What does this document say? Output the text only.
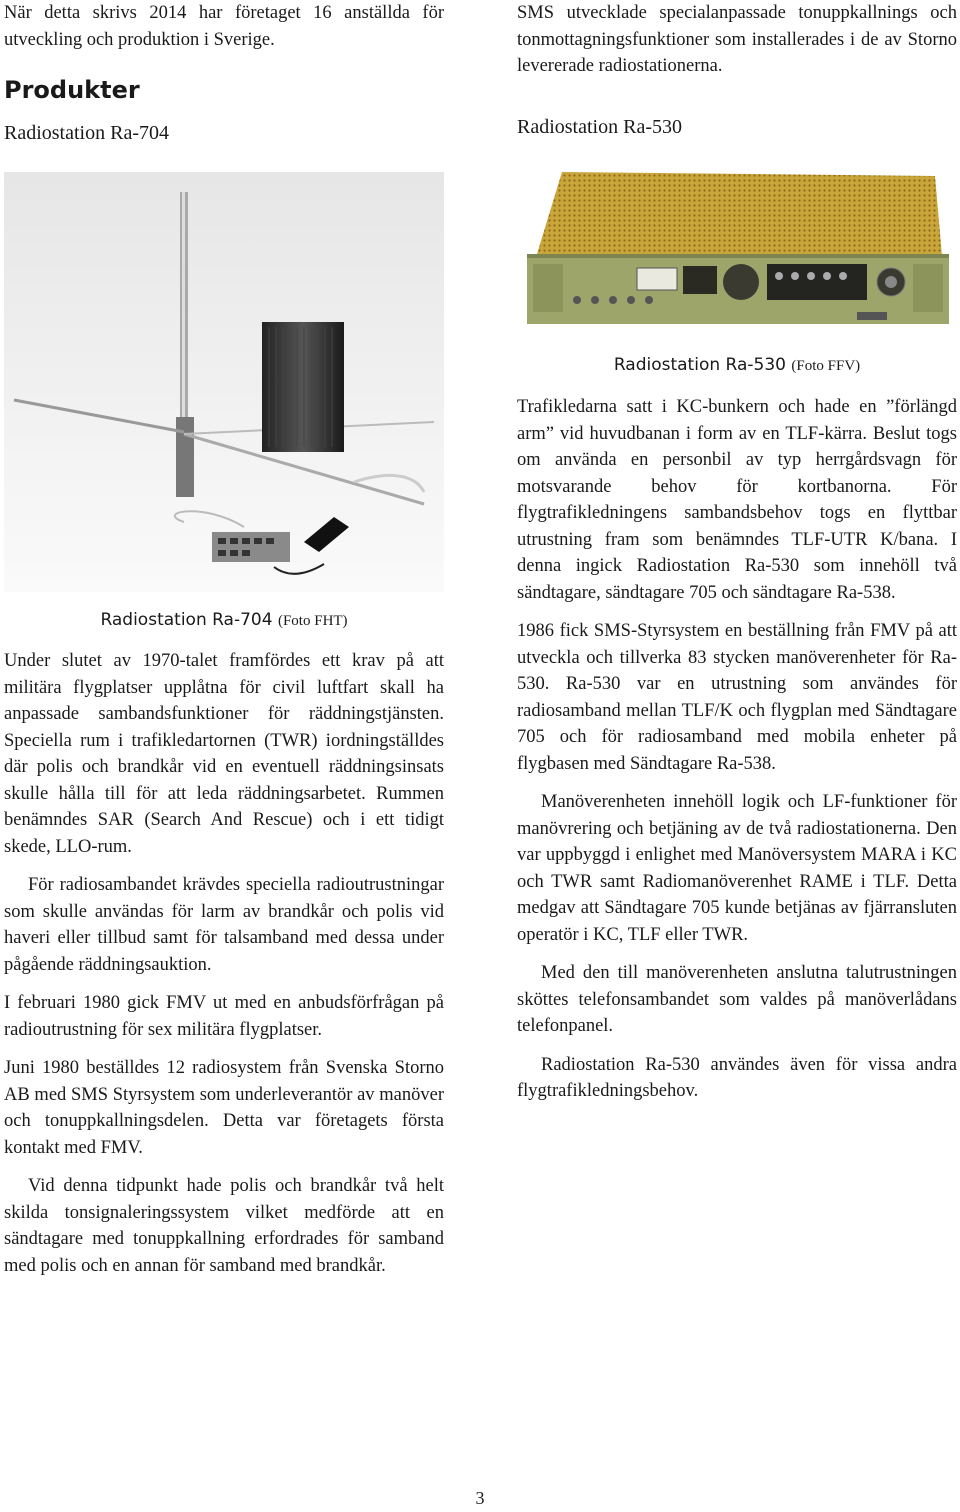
När detta skrivs 2014 har företaget 16 anställda för utveckling och produktion i Sverige.

Produkter
Radiostation Ra-704
Radiostation Ra-704 (Foto FHT)

Under slutet av 1970-talet framfördes ett krav på att militära flygplatser upplåtna för civil luftfart skall ha anpassade sambandsfunktioner för räddningstjänsten. Speciella rum i trafikledartornen (TWR) iordningställdes där polis och brandkår vid en eventuell räddningsinsats skulle hålla till för att leda räddningsarbetet. Rummen benämndes SAR (Search And Rescue) och i ett tidigt skede, LLO-rum.

För radiosambandet krävdes speciella radioutrustningar som skulle användas för larm av brandkår och polis vid haveri eller tillbud samt för talsamband med dessa under pågående räddningsauktion.

I februari 1980 gick FMV ut med en anbudsförfrågan på radioutrustning för sex militära flygplatser.

Juni 1980 beställdes 12 radiosystem från Svenska Storno AB med SMS Styrsystem som underleverantör av manöver och tonuppkallningsdelen. Detta var företagets första kontakt med FMV.

Vid denna tidpunkt hade polis och brandkår två helt skilda tonsignaleringssystem vilket medförde att en sändtagare med tonuppkallning erfordrades för samband med polis och en annan för samband med brandkår.

SMS utvecklade specialanpassade tonuppkallnings och tonmottagningsfunktioner som installerades i de av Storno levererade radiostationerna.

Radiostation Ra-530
Radiostation Ra-530 (Foto FFV)

Trafikledarna satt i KC-bunkern och hade en ”förlängd arm” vid huvudbanan i form av en TLF-kärra. Beslut togs om använda en personbil av typ herrgårdsvagn för motsvarande behov för kortbanorna. För flygtrafikledningens sambandsbehov togs en flyttbar utrustning fram som benämndes TLF-UTR K/bana. I denna ingick Radiostation Ra-530 som innehöll två sändtagare, sändtagare 705 och sändtagare Ra-538.

1986 fick SMS-Styrsystem en beställning från FMV på att utveckla och tillverka 83 stycken manöverenheter för Ra-530. Ra-530 var en utrustning som användes för radiosamband mellan TLF/K och flygplan med Sändtagare 705 och för radiosamband med mobila enheter på flygbasen med Sändtagare Ra-538.

Manöverenheten innehöll logik och LF-funktioner för manövrering och betjäning av de två radiostationerna. Den var uppbyggd i enlighet med Manöversystem MARA i KC och TWR samt Radiomanöverenhet RAME i TLF. Detta medgav att Sändtagare 705 kunde betjänas av fjärransluten operatör i KC, TLF eller TWR.

Med den till manöverenheten anslutna talutrustningen sköttes telefonsambandet som valdes på manöverlådans telefonpanel.

Radiostation Ra-530 användes även för vissa andra flygtrafikledningsbehov.

3
